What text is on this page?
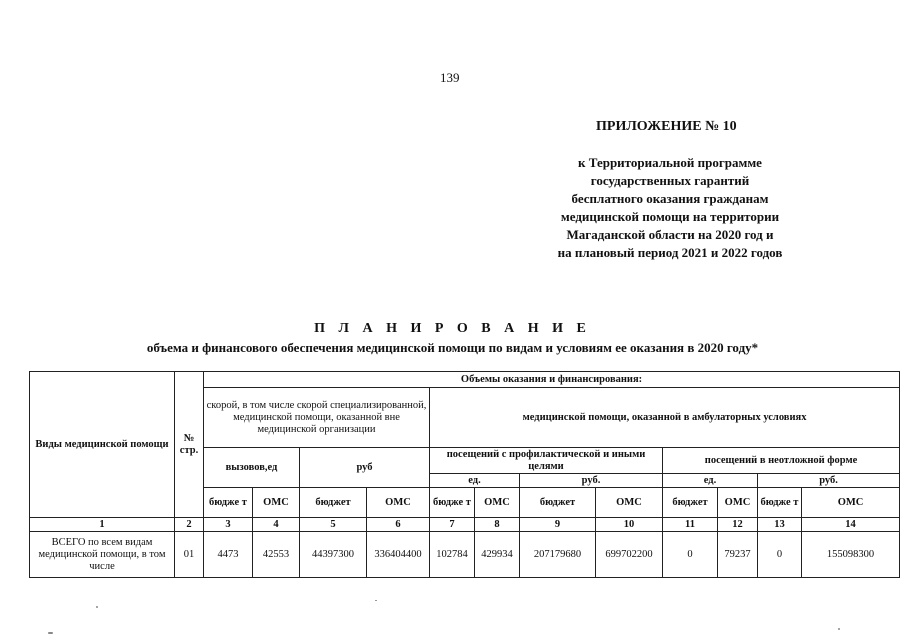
139
ПРИЛОЖЕНИЕ № 10
к Территориальной программе
государственных гарантий
бесплатного оказания гражданам
медицинской помощи на территории
Магаданской области на 2020 год и
на плановый период 2021 и 2022 годов
П Л А Н И Р О В А Н И Е
объема и финансового обеспечения медицинской помощи по видам и условиям ее оказания в 2020 году*
Виды медицинской помощи	№ стр.	Объемы оказания и финансирования:											
		скорой, в том числе скорой специализированной, медицинской помощи, оказанной вне медицинской организации				медицинской помощи, оказанной в амбулаторных условиях							
		вызовов,ед		руб		посещений с профилактической и иными целями				посещений в неотложной форме			
						ед.		руб.		ед.		руб.	
		бюдже т	ОМС	бюджет	ОМС	бюдже т	ОМС	бюджет	ОМС	бюджет	ОМС	бюдже т	ОМС

1	2	3	4	5	6	7	8	9	10	11	12	13	14
ВСЕГО по всем видам медицинской помощи, в том числе	01	4473	42553	44397300	336404400	102784	429934	207179680	699702200	0	79237	0	155098300
